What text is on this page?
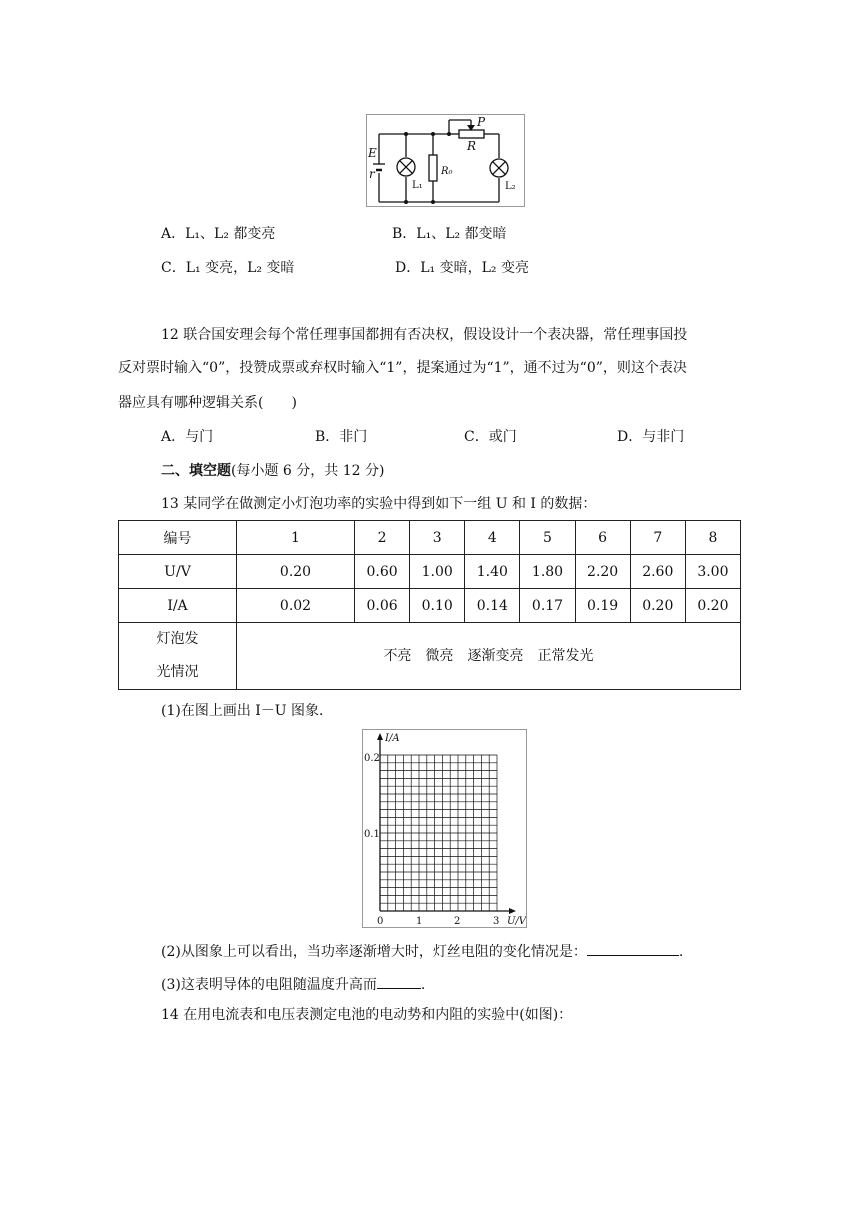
E
r
P
R
L₁
R₀
L₂
A．L₁、L₂ 都变亮	B．L₁、L₂ 都变暗
C．L₁ 变亮，L₂ 变暗	D．L₁ 变暗，L₂ 变亮
12 联合国安理会每个常任理事国都拥有否决权，假设设计一个表决器，常任理事国投
反对票时输入“0”，投赞成票或弃权时输入“1”，提案通过为“1”，通不过为“0”，则这个表决
器应具有哪种逻辑关系(　　)
A．与门	B．非门	C．或门	D．与非门
二、填空题(每小题 6 分，共 12 分)
13 某同学在做测定小灯泡功率的实验中得到如下一组 U 和 I 的数据：
编号	1	2	3	4	5	6	7	8
U/V	0.20	0.60	1.00	1.40	1.80	2.20	2.60	3.00
I/A	0.02	0.06	0.10	0.14	0.17	0.19	0.20	0.20

灯泡发
光情况	不亮　微亮　逐渐变亮　正常发光							
(1)在图上画出 I－U 图象．
I/A
U/V
0	1	2	3
0.1
0.2
(2)从图象上可以看出，当功率逐渐增大时，灯丝电阻的变化情况是：	.
(3)这表明导体的电阻随温度升高而	.
14 在用电流表和电压表测定电池的电动势和内阻的实验中(如图)：
